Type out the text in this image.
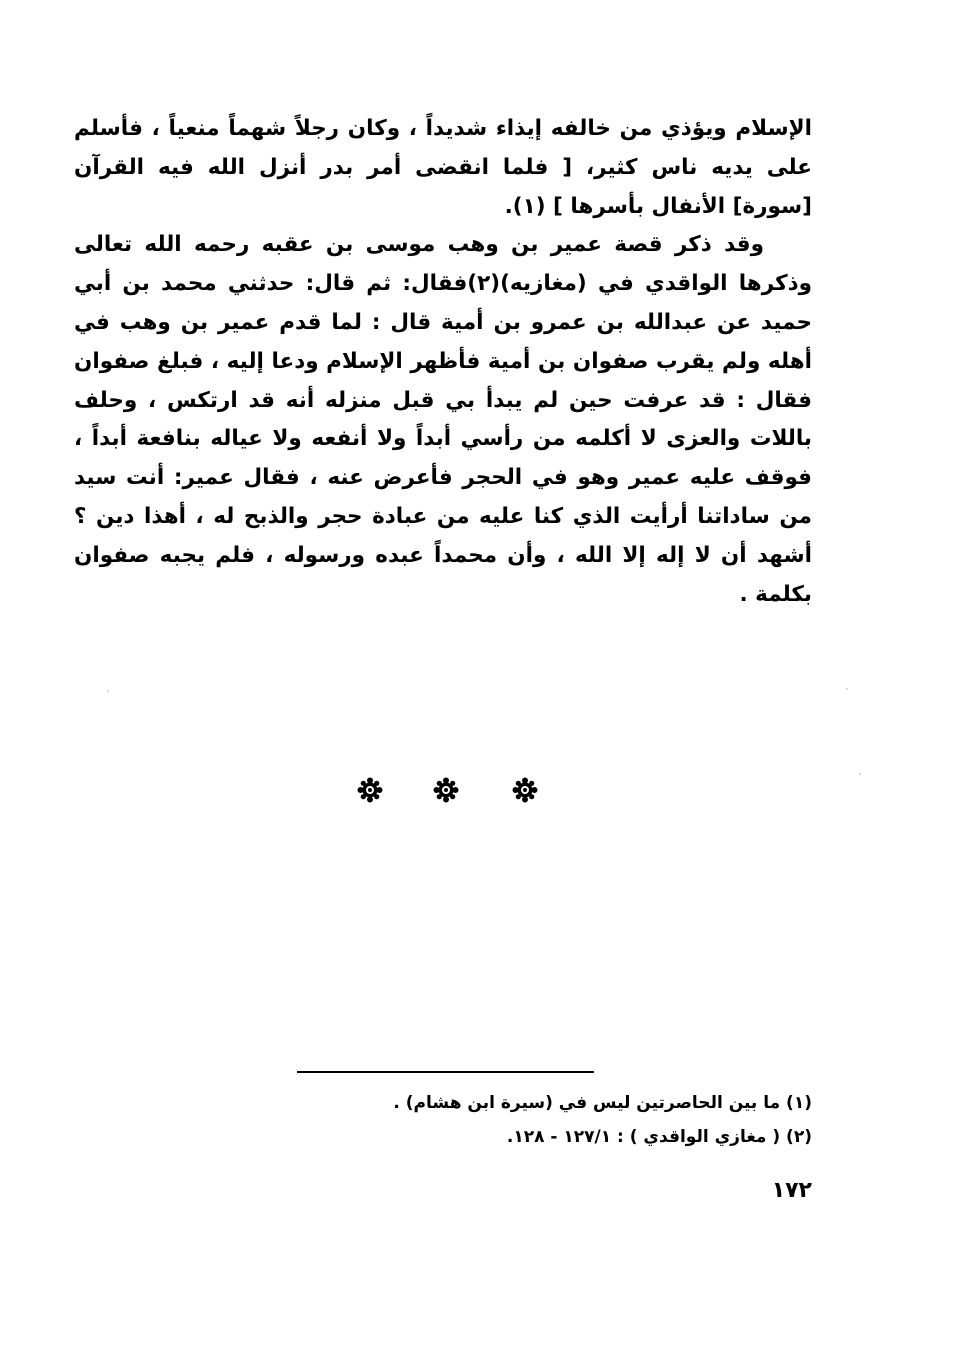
الإسلام ويؤذي من خالفه إيذاء شديداً ، وكان رجلاً شهماً منعياً ، فأسلم على يديه ناس كثير، [ فلما انقضى أمر بدر أنزل الله فيه القرآن [سورة] الأنفال بأسرها ] (١).

وقد ذكر قصة عمير بن وهب موسى بن عقبه رحمه الله تعالى وذكرها الواقدي في (مغازيه)(٢)فقال: ثم قال: حدثني محمد بن أبي حميد عن عبدالله بن عمرو بن أمية قال : لما قدم عمير بن وهب في أهله ولم يقرب صفوان بن أمية فأظهر الإسلام ودعا إليه ، فبلغ صفوان فقال : قد عرفت حين لم يبدأ بي قبل منزله أنه قد ارتكس ، وحلف باللات والعزى لا أكلمه من رأسي أبداً ولا أنفعه ولا عياله بنافعة أبداً ، فوقف عليه عمير وهو في الحجر فأعرض عنه ، فقال عمير: أنت سيد من ساداتنا أرأيت الذي كنا عليه من عبادة حجر والذبح له ، أهذا دين ؟ أشهد أن لا إله إلا الله ، وأن محمداً عبده ورسوله ، فلم يجبه صفوان بكلمة .

(١) ما بين الحاصرتين ليس في (سيرة ابن هشام) .
(٢) ( مغازي الواقدي ) : ١٢٧/١ - ١٢٨.
١٧٢
